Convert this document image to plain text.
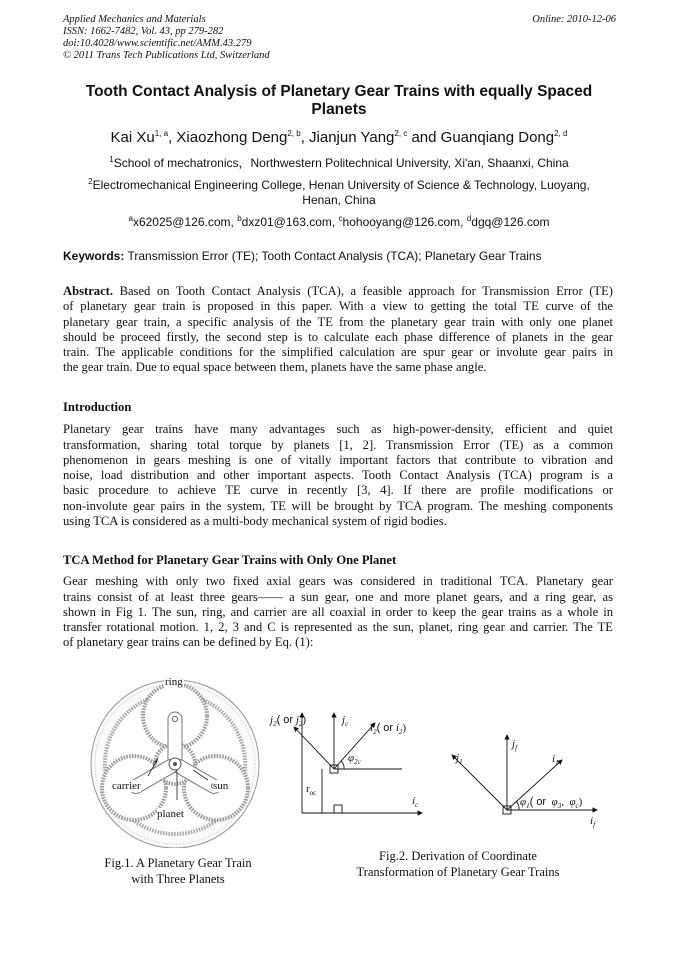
Applied Mechanics and Materials
ISSN: 1662-7482, Vol. 43, pp 279-282
doi:10.4028/www.scientific.net/AMM.43.279
© 2011 Trans Tech Publications Ltd, Switzerland
Online: 2010-12-06
Tooth Contact Analysis of Planetary Gear Trains with equally Spaced
Planets
Kai Xu$^{1, a}$, Xiaozhong Deng$^{2, b}$, Jianjun Yang$^{2, c}$ and Guanqiang Dong$^{2, d}$
$^1$School of mechatronics，Northwestern Politechnical University, Xi'an, Shaanxi, China
$^2$Electromechanical Engineering College, Henan University of Science & Technology, Luoyang,
Henan, China
$^a$x62025@126.com, $^b$dxz01@163.com, $^c$hohooyang@126.com, $^d$dgq@126.com
Keywords: Transmission Error (TE); Tooth Contact Analysis (TCA); Planetary Gear Trains
Abstract. Based on Tooth Contact Analysis (TCA), a feasible approach for Transmission Error (TE)
of planetary gear train is proposed in this paper. With a view to getting the total TE curve of the
planetary gear train, a specific analysis of the TE from the planetary gear train with only one planet
should be proceed firstly, the second step is to calculate each phase difference of planets in the gear
train. The applicable conditions for the simplified calculation are spur gear or involute gear pairs in
the gear train. Due to equal space between them, planets have the same phase angle.
Introduction
Planetary gear trains have many advantages such as high-power-density, efficient and quiet
transformation, sharing total torque by planets [1, 2]. Transmission Error (TE) as a common
phenomenon in gears meshing is one of vitally important factors that contribute to vibration and
noise, load distribution and other important aspects. Tooth Contact Analysis (TCA) program is a
basic procedure to achieve TE curve in recently [3, 4]. If there are profile modifications or
non-involute gear pairs in the system, TE will be brought by TCA program. The meshing components
using TCA is considered as a multi-body mechanical system of rigid bodies.
TCA Method for Planetary Gear Trains with Only One Planet
Gear meshing with only two fixed axial gears was considered in traditional TCA. Planetary gear
trains consist of at least three gears—— a sun gear, one and more planet gears, and a ring gear, as
shown in Fig 1. The sun, ring, and carrier are all coaxial in order to keep the gear trains as a whole in
transfer rotational motion. 1, 2, 3 and C is represented as the sun, planet, ring gear and carrier. The TE
of planetary gear trains can be defined by Eq. (1):
ring
carrier	sun
planet
Fig.1. A Planetary Gear Train
with Three Planets
$j_2$( or $j_2$)	$j_c$ $i_2$( or $i_2$)
$\varphi_{2c}$
$r_{oc}$
$i_c$
$j_f$
$j_1$	$i_1$
$\varphi_1$( or $\varphi_3$, $\varphi_c$)
$i_f$
Fig.2. Derivation of Coordinate
Transformation of Planetary Gear Trains
